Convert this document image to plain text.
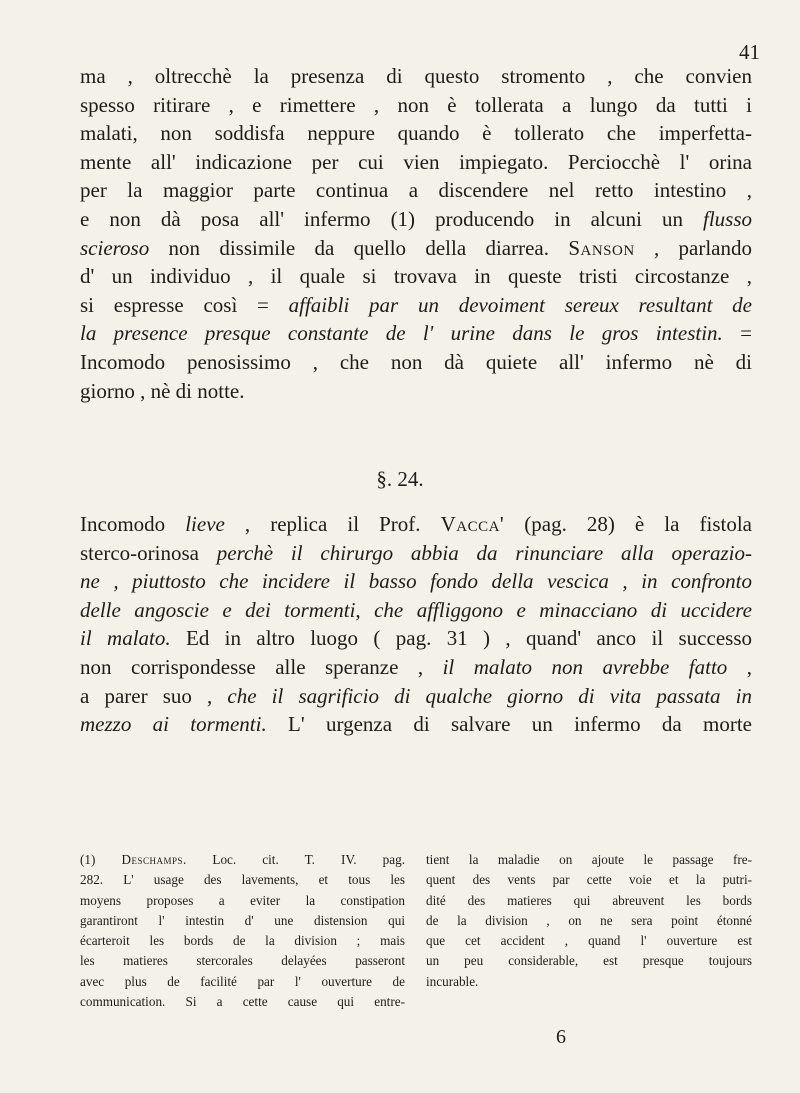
41
ma , oltrecchè la presenza di questo stromento , che convien
spesso ritirare , e rimettere , non è tollerata a lungo da tutti i
malati, non soddisfa neppure quando è tollerato che imperfetta-
mente all' indicazione per cui vien impiegato. Perciocchè l' orina
per la maggior parte continua a discendere nel retto intestino ,
e non dà posa all' infermo (1) producendo in alcuni un flusso
scieroso non dissimile da quello della diarrea. Sanson , parlando
d' un individuo , il quale si trovava in queste tristi circostanze ,
si espresse così = affaibli par un devoiment sereux resultant de
la presence presque constante de l' urine dans le gros intestin. =
Incomodo penosissimo , che non dà quiete all' infermo nè di
giorno , nè di notte.
§. 24.
Incomodo lieve , replica il Prof. Vacca' (pag. 28) è la fistola
sterco-orinosa perchè il chirurgo abbia da rinunciare alla operazio-
ne , piuttosto che incidere il basso fondo della vescica , in confronto
delle angoscie e dei tormenti, che affliggono e minacciano di uccidere
il malato. Ed in altro luogo ( pag. 31 ) , quand' anco il successo
non corrispondesse alle speranze , il malato non avrebbe fatto ,
a parer suo , che il sagrificio di qualche giorno di vita passata in
mezzo ai tormenti. L' urgenza di salvare un infermo da morte
(1) Deschamps. Loc. cit. T. IV. pag.
282. L' usage des lavements, et tous les
moyens proposes a eviter la constipation
garantiront l' intestin d' une distension qui
écarteroit les bords de la division ; mais
les matieres stercorales delayées passeront
avec plus de facilité par l' ouverture de
communication. Si a cette cause qui entre-
tient la maladie on ajoute le passage fre-
quent des vents par cette voie et la putri-
dité des matieres qui abreuvent les bords
de la division , on ne sera point étonné
que cet accident , quand l' ouverture est
un peu considerable, est presque toujours
incurable.
6
